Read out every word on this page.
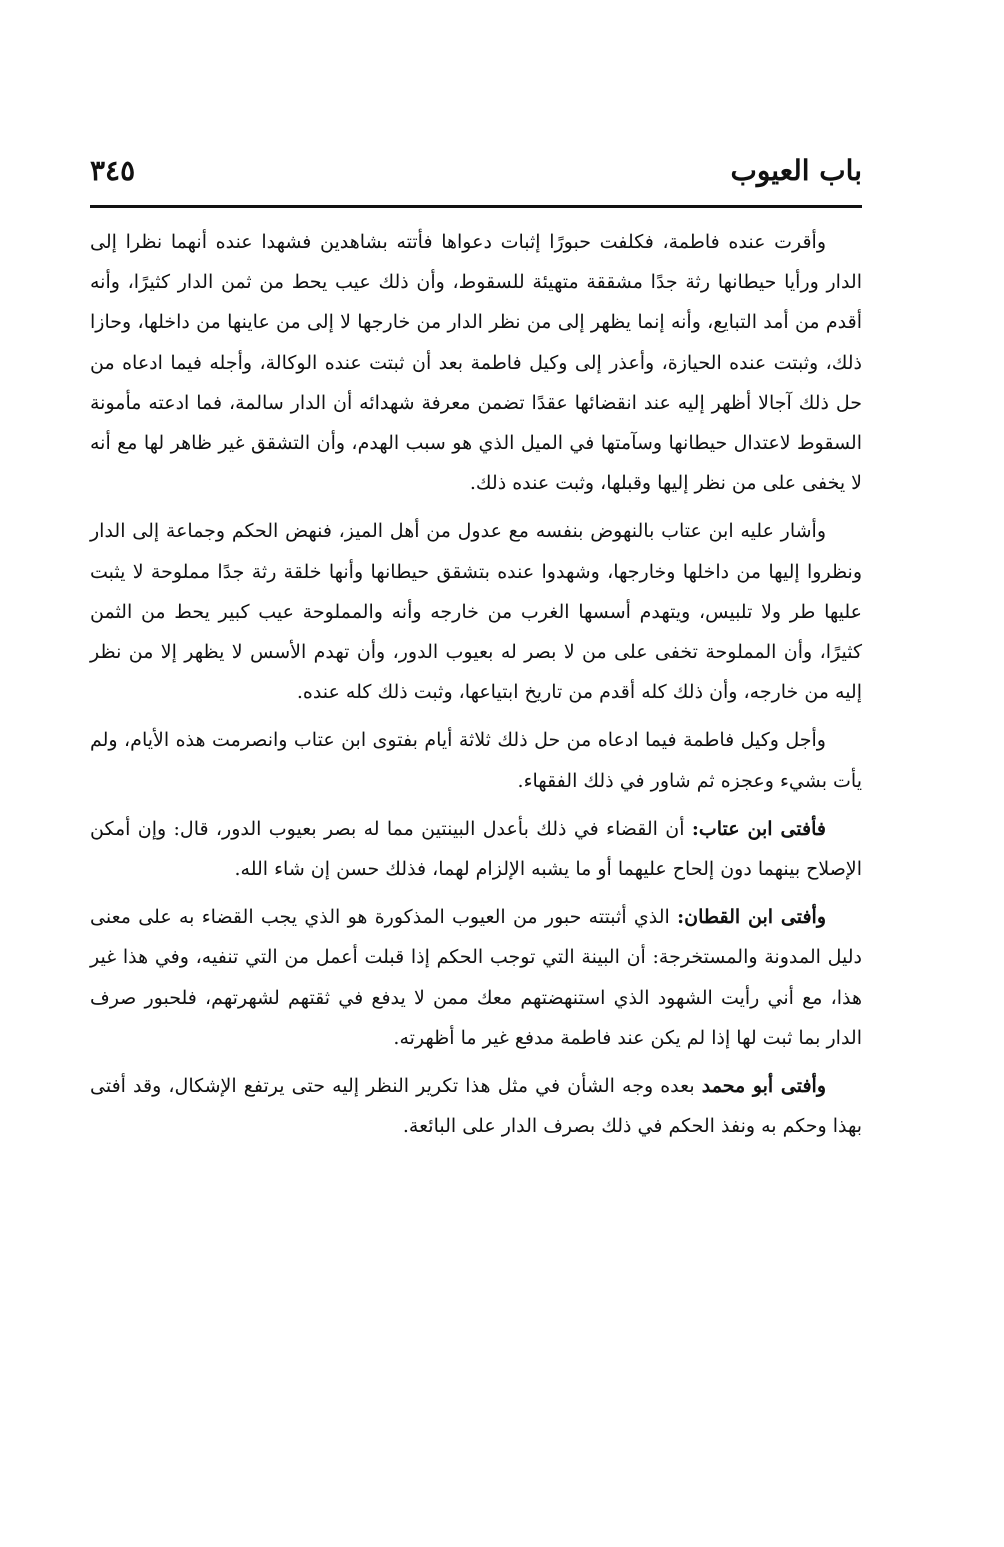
باب العيوب
٣٤٥

وأقرت عنده فاطمة، فكلفت حبورًا إثبات دعواها فأتته بشاهدين فشهدا عنده أنهما نظرا إلى الدار ورأيا حيطانها رثة جدًا مشققة متهيئة للسقوط، وأن ذلك عيب يحط من ثمن الدار كثيرًا، وأنه أقدم من أمد التبايع، وأنه إنما يظهر إلى من نظر الدار من خارجها لا إلى من عاينها من داخلها، وحازا ذلك، وثبتت عنده الحيازة، وأعذر إلى وكيل فاطمة بعد أن ثبتت عنده الوكالة، وأجله فيما ادعاه من حل ذلك آجالا أظهر إليه عند انقضائها عقدًا تضمن معرفة شهدائه أن الدار سالمة، فما ادعته مأمونة السقوط لاعتدال حيطانها وسآمتها في الميل الذي هو سبب الهدم، وأن التشقق غير ظاهر لها مع أنه لا يخفى على من نظر إليها وقبلها، وثبت عنده ذلك.

وأشار عليه ابن عتاب بالنهوض بنفسه مع عدول من أهل الميز، فنهض الحكم وجماعة إلى الدار ونظروا إليها من داخلها وخارجها، وشهدوا عنده بتشقق حيطانها وأنها خلقة رثة جدًا مملوحة لا يثبت عليها طر ولا تلبيس، ويتهدم أسسها الغرب من خارجه وأنه والمملوحة عيب كبير يحط من الثمن كثيرًا، وأن المملوحة تخفى على من لا بصر له بعيوب الدور، وأن تهدم الأسس لا يظهر إلا من نظر إليه من خارجه، وأن ذلك كله أقدم من تاريخ ابتياعها، وثبت ذلك كله عنده.

وأجل وكيل فاطمة فيما ادعاه من حل ذلك ثلاثة أيام بفتوى ابن عتاب وانصرمت هذه الأيام، ولم يأت بشيء وعجزه ثم شاور في ذلك الفقهاء.

فأفتى ابن عتاب: أن القضاء في ذلك بأعدل البينتين مما له بصر بعيوب الدور، قال: وإن أمكن الإصلاح بينهما دون إلحاح عليهما أو ما يشبه الإلزام لهما، فذلك حسن إن شاء الله.

وأفتى ابن القطان: الذي أثبتته حبور من العيوب المذكورة هو الذي يجب القضاء به على معنى دليل المدونة والمستخرجة: أن البينة التي توجب الحكم إذا قبلت أعمل من التي تنفيه، وفي هذا غير هذا، مع أني رأيت الشهود الذي استنهضتهم معك ممن لا يدفع في ثقتهم لشهرتهم، فلحبور صرف الدار بما ثبت لها إذا لم يكن عند فاطمة مدفع غير ما أظهرته.

وأفتى أبو محمد بعده وجه الشأن في مثل هذا تكرير النظر إليه حتى يرتفع الإشكال، وقد أفتى بهذا وحكم به ونفذ الحكم في ذلك بصرف الدار على البائعة.
